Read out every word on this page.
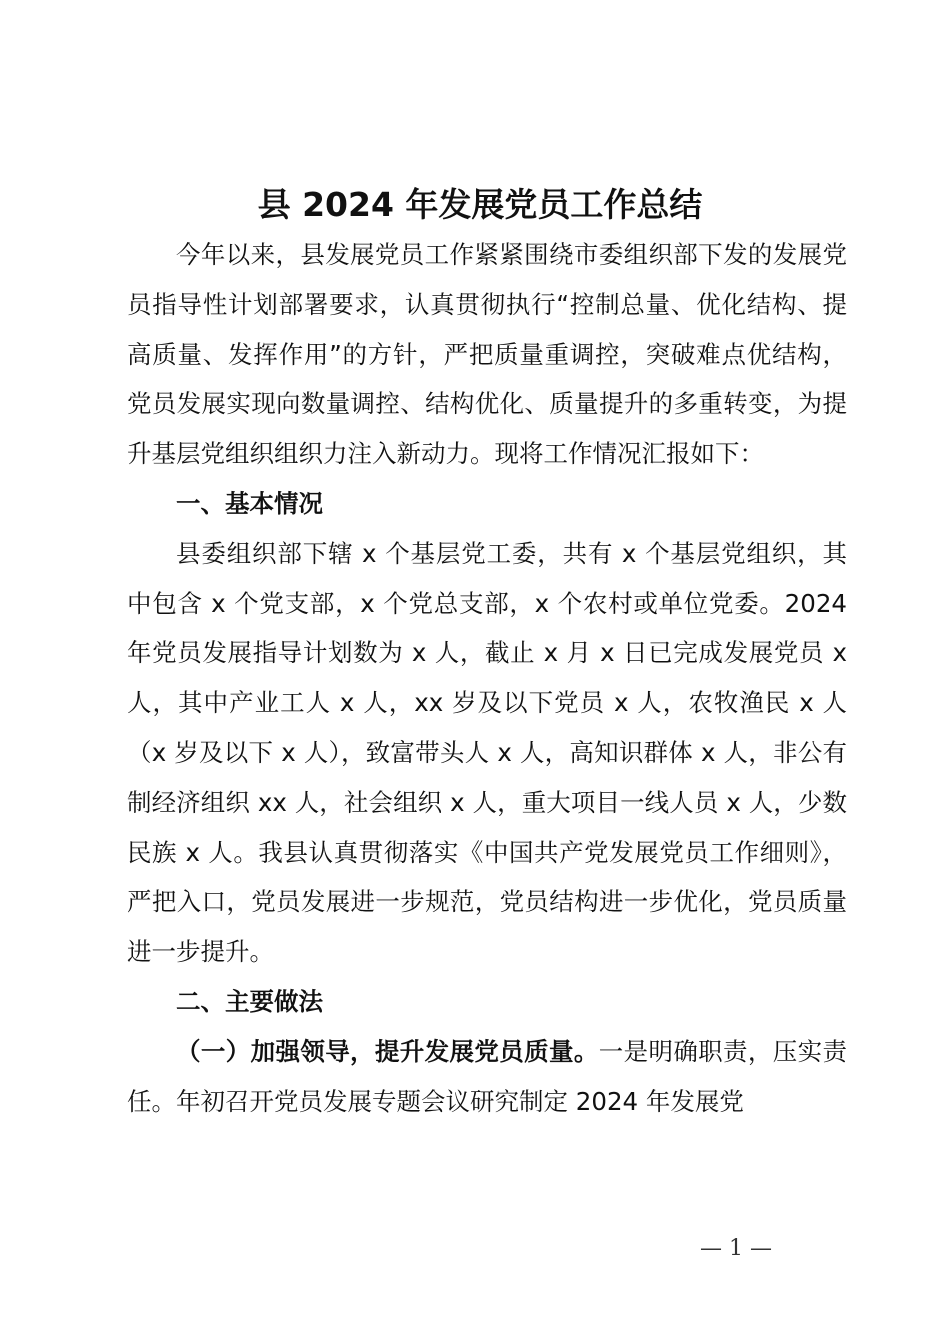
县 2024 年发展党员工作总结

今年以来，县发展党员工作紧紧围绕市委组织部下发的发展党员指导性计划部署要求，认真贯彻执行“控制总量、优化结构、提高质量、发挥作用”的方针，严把质量重调控，突破难点优结构，党员发展实现向数量调控、结构优化、质量提升的多重转变，为提升基层党组织组织力注入新动力。现将工作情况汇报如下：

一、基本情况

县委组织部下辖 x 个基层党工委，共有 x 个基层党组织，其中包含 x 个党支部，x 个党总支部，x 个农村或单位党委。2024 年党员发展指导计划数为 x 人，截止 x 月 x 日已完成发展党员 x 人，其中产业工人 x 人，xx 岁及以下党员 x 人，农牧渔民 x 人（x 岁及以下 x 人），致富带头人 x 人，高知识群体 x 人，非公有制经济组织 xx 人，社会组织 x 人，重大项目一线人员 x 人，少数民族 x 人。我县认真贯彻落实《中国共产党发展党员工作细则》，严把入口，党员发展进一步规范，党员结构进一步优化，党员质量进一步提升。

二、主要做法

（一）加强领导，提升发展党员质量。一是明确职责，压实责任。年初召开党员发展专题会议研究制定 2024 年发展党

— 1 —
